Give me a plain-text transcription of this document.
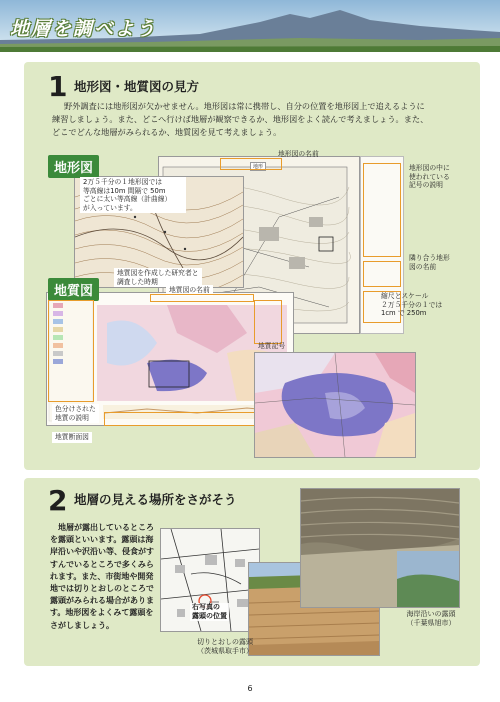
地層を調べよう
1 地形図・地質図の見方
野外調査には地形図が欠かせません。地形図は常に携帯し、自分の位置を地形図上で追えるように
練習しましょう。また、どこへ行けば地層が観察できるか、地形図をよく読んで考えましょう。また、
どこでどんな地層がみられるか、地質図を見て考えましょう。
地形
地形図
2万５千分の１地形図では
等高線は10m 間隔で 50m
ごとに太い等高線（計曲線）
が入っています。
地形図の名前
地形図の中に
使われている
記号の説明
隣り合う地形
図の名前
縮尺とスケール
２万５千分の１では
1cm で 250m
地質図
地質図を作成した研究者と
調査した時期
地質図の名前
地質記号
色分けされた
地質の説明
地質断面図
2 地層の見える場所をさがそう
地層が露出しているところ
を露頭といいます。露頭は海
岸沿いや沢沿い等、侵食がす
すんでいるところで多くみら
れます。また、市街地や開発
地では切りとおしのところで
露頭がみられる場合がありま
す。地形図をよくみて露頭を
さがしましょう。
右写真の
露頭の位置
切りとおしの露頭
（茨城県取手市）
海岸沿いの露頭
（千葉県旭市）
6
